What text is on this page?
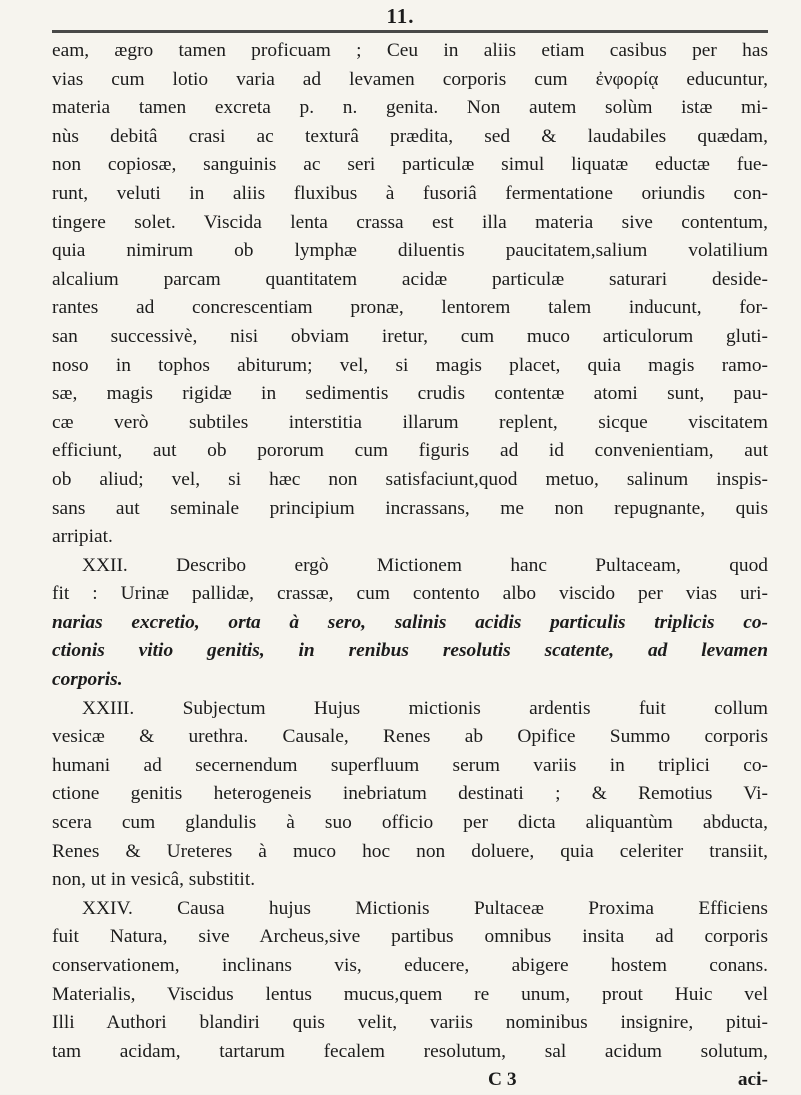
11.
eam, ægro tamen proficuam ; Ceu in aliis etiam casibus per has
vias cum lotio varia ad levamen corporis cum ἐνφορίᾳ educuntur,
materia tamen excreta p. n. genita. Non autem solùm istæ mi-
nùs debitâ crasi ac texturâ prædita, sed & laudabiles quædam,
non copiosæ, sanguinis ac seri particulæ simul liquatæ eductæ fue-
runt, veluti in aliis fluxibus à fusoriâ fermentatione oriundis con-
tingere solet. Viscida lenta crassa est illa materia sive contentum,
quia nimirum ob lymphæ diluentis paucitatem,salium volatilium
alcalium parcam quantitatem acidæ particulæ saturari deside-
rantes ad concrescentiam pronæ, lentorem talem inducunt, for-
san successivè, nisi obviam iretur, cum muco articulorum gluti-
noso in tophos abiturum; vel, si magis placet, quia magis ramo-
sæ, magis rigidæ in sedimentis crudis contentæ atomi sunt, pau-
cæ verò subtiles interstitia illarum replent, sicque viscitatem
efficiunt, aut ob pororum cum figuris ad id convenientiam, aut
ob aliud; vel, si hæc non satisfaciunt,quod metuo, salinum inspis-
sans aut seminale principium incrassans, me non repugnante, quis
arripiat.
XXII. Describo ergò Mictionem hanc Pultaceam, quod
fit : Urinæ pallidæ, crassæ, cum contento albo viscido per vias uri-
narias excretio, orta à sero, salinis acidis particulis triplicis co-
ctionis vitio genitis, in renibus resolutis scatente, ad levamen
corporis.
XXIII. Subjectum Hujus mictionis ardentis fuit collum
vesicæ & urethra. Causale, Renes ab Opifice Summo corporis
humani ad secernendum superfluum serum variis in triplici co-
ctione genitis heterogeneis inebriatum destinati ; & Remotius Vi-
scera cum glandulis à suo officio per dicta aliquantùm abducta,
Renes & Ureteres à muco hoc non doluere, quia celeriter transiit,
non, ut in vesicâ, substitit.
XXIV. Causa hujus Mictionis Pultaceæ Proxima Efficiens
fuit Natura, sive Archeus,sive partibus omnibus insita ad corporis
conservationem, inclinans vis, educere, abigere hostem conans.
Materialis, Viscidus lentus mucus,quem re unum, prout Huic vel
Illi Authori blandiri quis velit, variis nominibus insignire, pitui-
tam acidam, tartarum fecalem resolutum, sal acidum solutum,
C 3	aci-
